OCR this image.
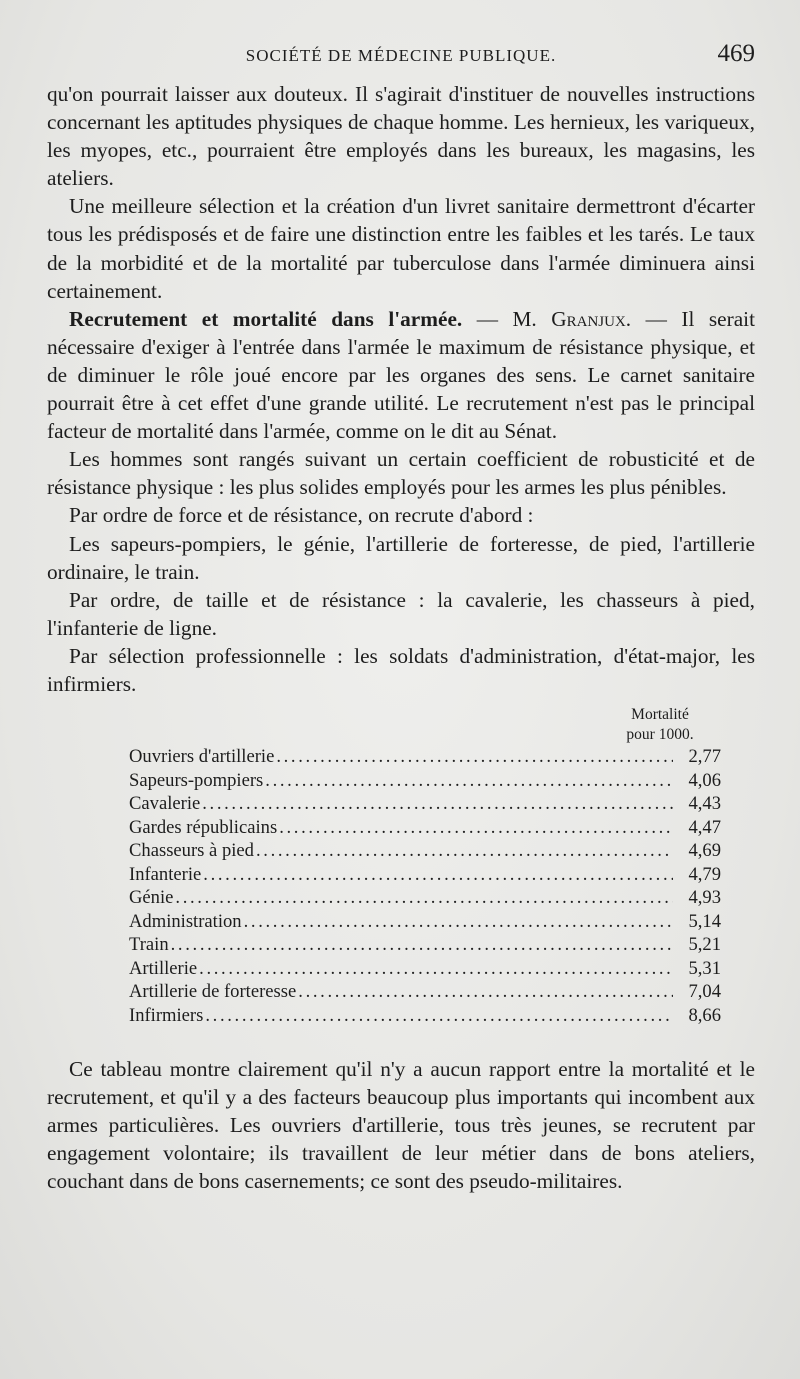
SOCIÉTÉ DE MÉDECINE PUBLIQUE.	469

qu'on pourrait laisser aux douteux. Il s'agirait d'instituer de nouvelles instructions concernant les aptitudes physiques de chaque homme. Les hernieux, les variqueux, les myopes, etc., pourraient être employés dans les bureaux, les magasins, les ateliers.

Une meilleure sélection et la création d'un livret sanitaire dermettront d'écarter tous les prédisposés et de faire une distinction entre les faibles et les tarés. Le taux de la morbidité et de la mortalité par tuberculose dans l'armée diminuera ainsi certainement.

Recrutement et mortalité dans l'armée. — M. Granjux. — Il serait nécessaire d'exiger à l'entrée dans l'armée le maximum de résistance physique, et de diminuer le rôle joué encore par les organes des sens. Le carnet sanitaire pourrait être à cet effet d'une grande utilité. Le recrutement n'est pas le principal facteur de mortalité dans l'armée, comme on le dit au Sénat.

Les hommes sont rangés suivant un certain coefficient de robusticité et de résistance physique : les plus solides employés pour les armes les plus pénibles.

Par ordre de force et de résistance, on recrute d'abord :

Les sapeurs-pompiers, le génie, l'artillerie de forteresse, de pied, l'artillerie ordinaire, le train.

Par ordre, de taille et de résistance : la cavalerie, les chasseurs à pied, l'infanterie de ligne.

Par sélection professionnelle : les soldats d'administration, d'état-major, les infirmiers.

Mortalité
pour 1000.
Ouvriers d'artillerie . . .	2,77
Sapeurs-pompiers . . .	4,06
Cavalerie . . .	4,43
Gardes républicains . . .	4,47
Chasseurs à pied . . .	4,69
Infanterie . . .	4,79
Génie . . .	4,93
Administration . . .	5,14
Train . . .	5,21
Artillerie . . .	5,31
Artillerie de forteresse . . .	7,04
Infirmiers . . .	8,66

Ce tableau montre clairement qu'il n'y a aucun rapport entre la mortalité et le recrutement, et qu'il y a des facteurs beaucoup plus importants qui incombent aux armes particulières. Les ouvriers d'artillerie, tous très jeunes, se recrutent par engagement volontaire; ils travaillent de leur métier dans de bons ateliers, couchant dans de bons casernements; ce sont des pseudo-militaires.
